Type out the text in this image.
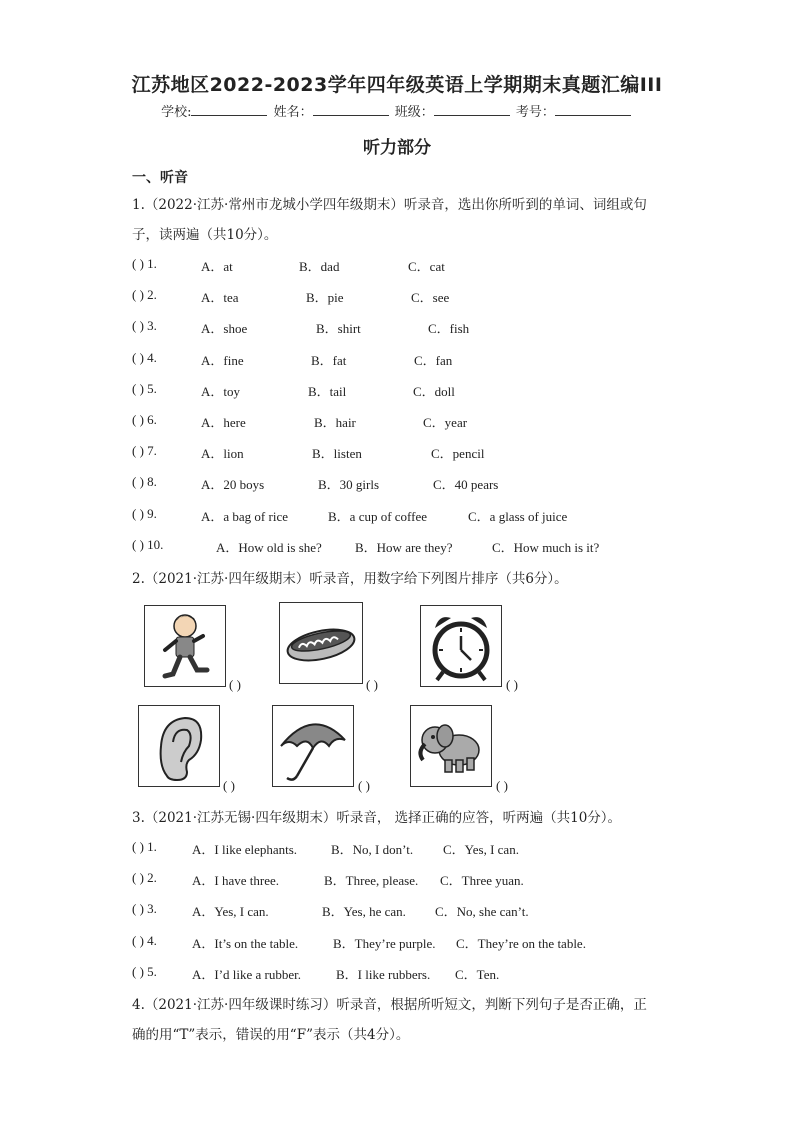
江苏地区2022-2023学年四年级英语上学期期末真题汇编III
学校:	姓名：	班级：	考号：
听力部分
一、听音
1.（2022·江苏·常州市龙城小学四年级期末）听录音，选出你所听到的单词、词组或句
子，读两遍（共10分）。
( ) 1.	A．at	B．dad	C．cat
( ) 2.	A．tea	B．pie	C．see
( ) 3.	A．shoe	B．shirt	C．fish
( ) 4.	A．fine	B．fat	C．fan
( ) 5.	A．toy	B．tail	C．doll
( ) 6.	A．here	B．hair	C．year
( ) 7.	A．lion	B．listen	C．pencil
( ) 8.	A．20 boys	B．30 girls	C．40 pears
( ) 9.	A．a bag of rice	B．a cup of coffee	C．a glass of juice
( ) 10.	A．How old is she?	B．How are they?	C．How much is it?
2.（2021·江苏·四年级期末）听录音，用数字给下列图片排序（共6分）。
( )	( )	( )
( )	( )	( )
3.（2021·江苏无锡·四年级期末）听录音， 选择正确的应答，听两遍（共10分）。
( ) 1.	A．I like elephants.	B．No, I don’t. C．Yes, I can.
( ) 2.	A．I have three.	B．Three, please. C．Three yuan.
( ) 3.	A．Yes, I can.	B．Yes, he can. C．No, she can’t.
( ) 4.	A．It’s on the table.	B．They’re purple. C．They’re on the table.
( ) 5.	A．I’d like a rubber.	B．I like rubbers. C．Ten.
4.（2021·江苏·四年级课时练习）听录音，根据所听短文，判断下列句子是否正确，正
确的用“T”表示，错误的用“F”表示（共4分）。
